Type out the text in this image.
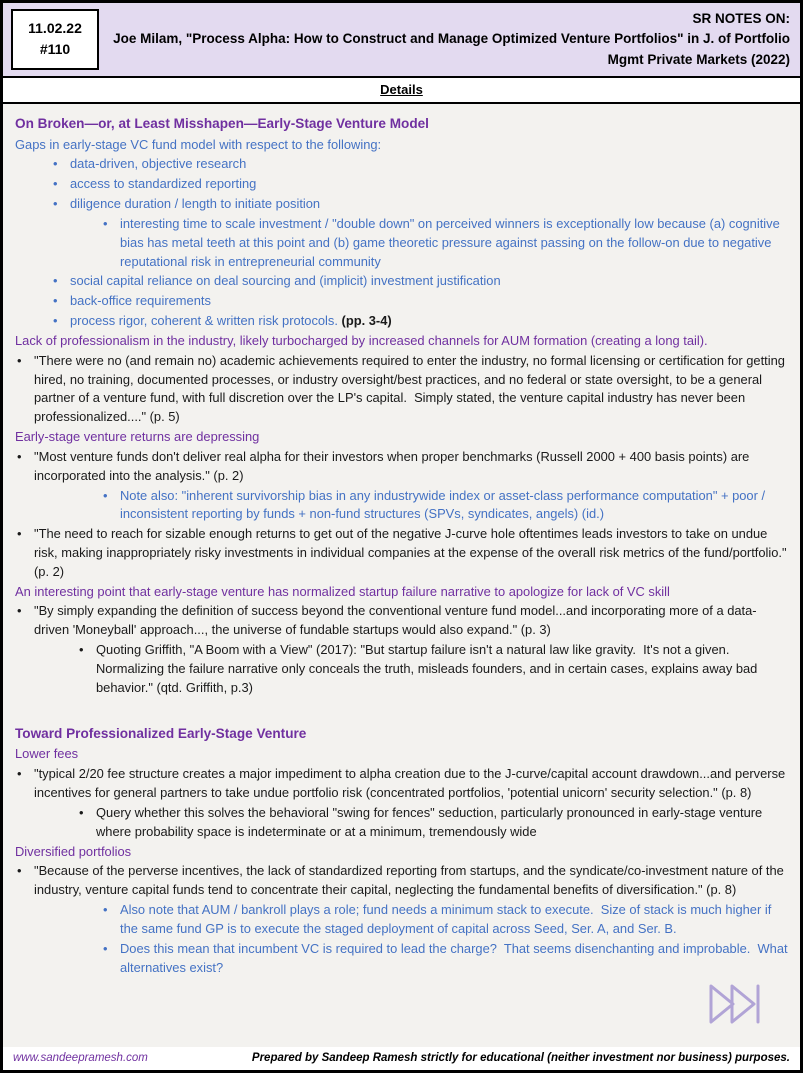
11.02.22
#110
SR NOTES ON:
Joe Milam, "Process Alpha: How to Construct and Manage Optimized Venture Portfolios" in J. of Portfolio Mgmt Private Markets (2022)
Details
On Broken—or, at Least Misshapen—Early-Stage Venture Model
Gaps in early-stage VC fund model with respect to the following:
• data-driven, objective research
• access to standardized reporting
• diligence duration / length to initiate position
• interesting time to scale investment / "double down" on perceived winners is exceptionally low because (a) cognitive bias has metal teeth at this point and (b) game theoretic pressure against passing on the follow-on due to negative reputational risk in entrepreneurial community
• social capital reliance on deal sourcing and (implicit) investment justification
• back-office requirements
• process rigor, coherent & written risk protocols. (pp. 3-4)
Lack of professionalism in the industry, likely turbocharged by increased channels for AUM formation (creating a long tail).
• "There were no (and remain no) academic achievements required to enter the industry, no formal licensing or certification for getting hired, no training, documented processes, or industry oversight/best practices, and no federal or state oversight, to be a general partner of a venture fund, with full discretion over the LP's capital.  Simply stated, the venture capital industry has never been professionalized...." (p. 5)
Early-stage venture returns are depressing
• "Most venture funds don't deliver real alpha for their investors when proper benchmarks (Russell 2000 + 400 basis points) are incorporated into the analysis." (p. 2)
• Note also: "inherent survivorship bias in any industrywide index or asset-class performance computation" + poor / inconsistent reporting by funds + non-fund structures (SPVs, syndicates, angels) (id.)
• "The need to reach for sizable enough returns to get out of the negative J-curve hole oftentimes leads investors to take on undue risk, making inappropriately risky investments in individual companies at the expense of the overall risk metrics of the fund/portfolio." (p. 2)
An interesting point that early-stage venture has normalized startup failure narrative to apologize for lack of VC skill
• "By simply expanding the definition of success beyond the conventional venture fund model...and incorporating more of a data-driven 'Moneyball' approach..., the universe of fundable startups would also expand." (p. 3)
• Quoting Griffith, "A Boom with a View" (2017): "But startup failure isn't a natural law like gravity.  It's not a given.  Normalizing the failure narrative only conceals the truth, misleads founders, and in certain cases, explains away bad behavior." (qtd. Griffith, p.3)
Toward Professionalized Early-Stage Venture
Lower fees
• "typical 2/20 fee structure creates a major impediment to alpha creation due to the J-curve/capital account drawdown...and perverse incentives for general partners to take undue portfolio risk (concentrated portfolios, 'potential unicorn' security selection." (p. 8)
• Query whether this solves the behavioral "swing for fences" seduction, particularly pronounced in early-stage venture where probability space is indeterminate or at a minimum, tremendously wide
Diversified portfolios
• "Because of the perverse incentives, the lack of standardized reporting from startups, and the syndicate/co-investment nature of the industry, venture capital funds tend to concentrate their capital, neglecting the fundamental benefits of diversification." (p. 8)
• Also note that AUM / bankroll plays a role; fund needs a minimum stack to execute.  Size of stack is much higher if the same fund GP is to execute the staged deployment of capital across Seed, Ser. A, and Ser. B.
• Does this mean that incumbent VC is required to lead the charge?  That seems disenchanting and improbable.  What alternatives exist?
www.sandeepramesh.com	Prepared by Sandeep Ramesh strictly for educational (neither investment nor business) purposes.
